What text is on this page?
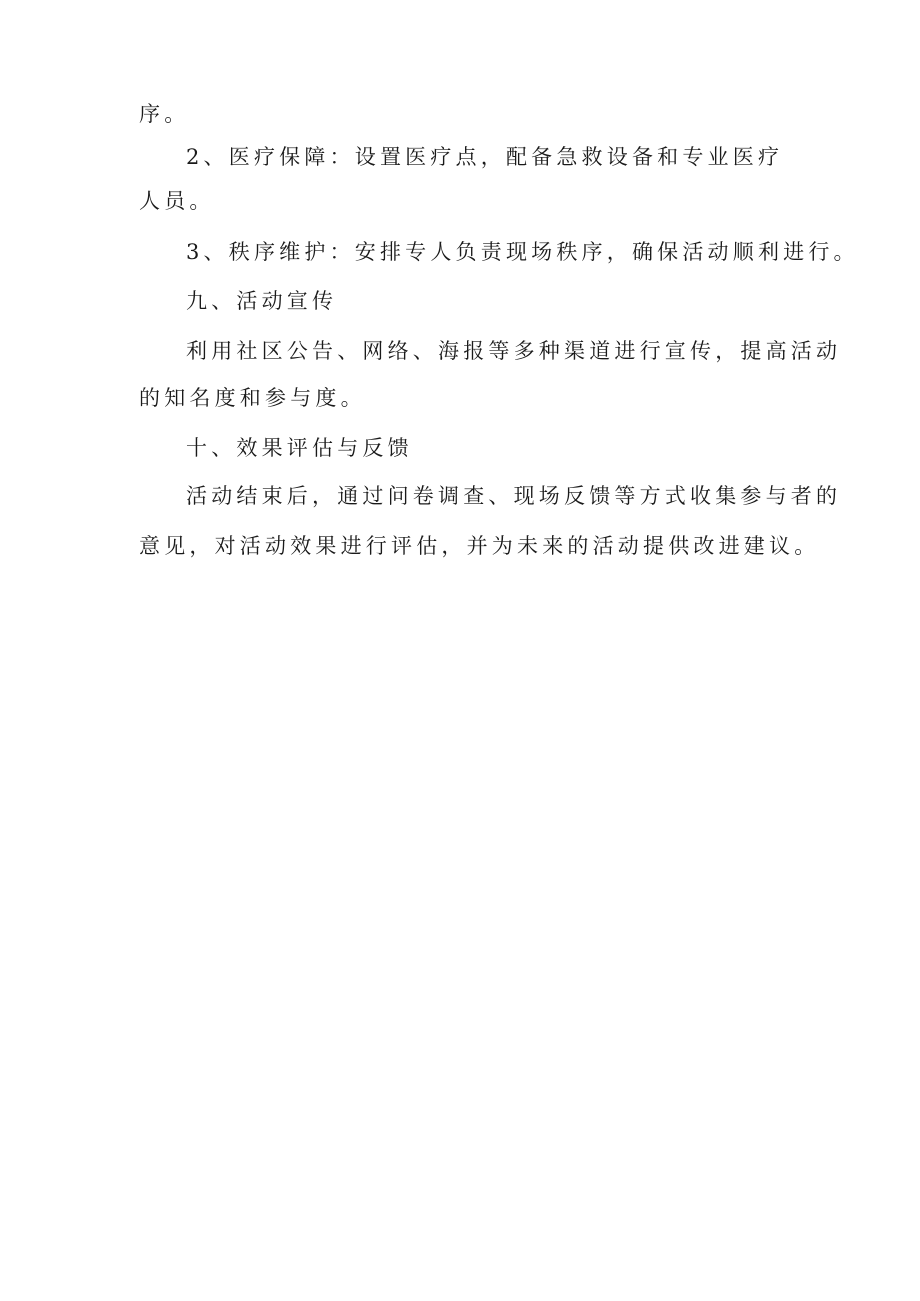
序。
2、医疗保障：设置医疗点，配备急救设备和专业医疗
人员。
3、秩序维护：安排专人负责现场秩序，确保活动顺利进行。
九、活动宣传
利用社区公告、网络、海报等多种渠道进行宣传，提高活动
的知名度和参与度。
十、效果评估与反馈
活动结束后，通过问卷调查、现场反馈等方式收集参与者的
意见，对活动效果进行评估，并为未来的活动提供改进建议。
